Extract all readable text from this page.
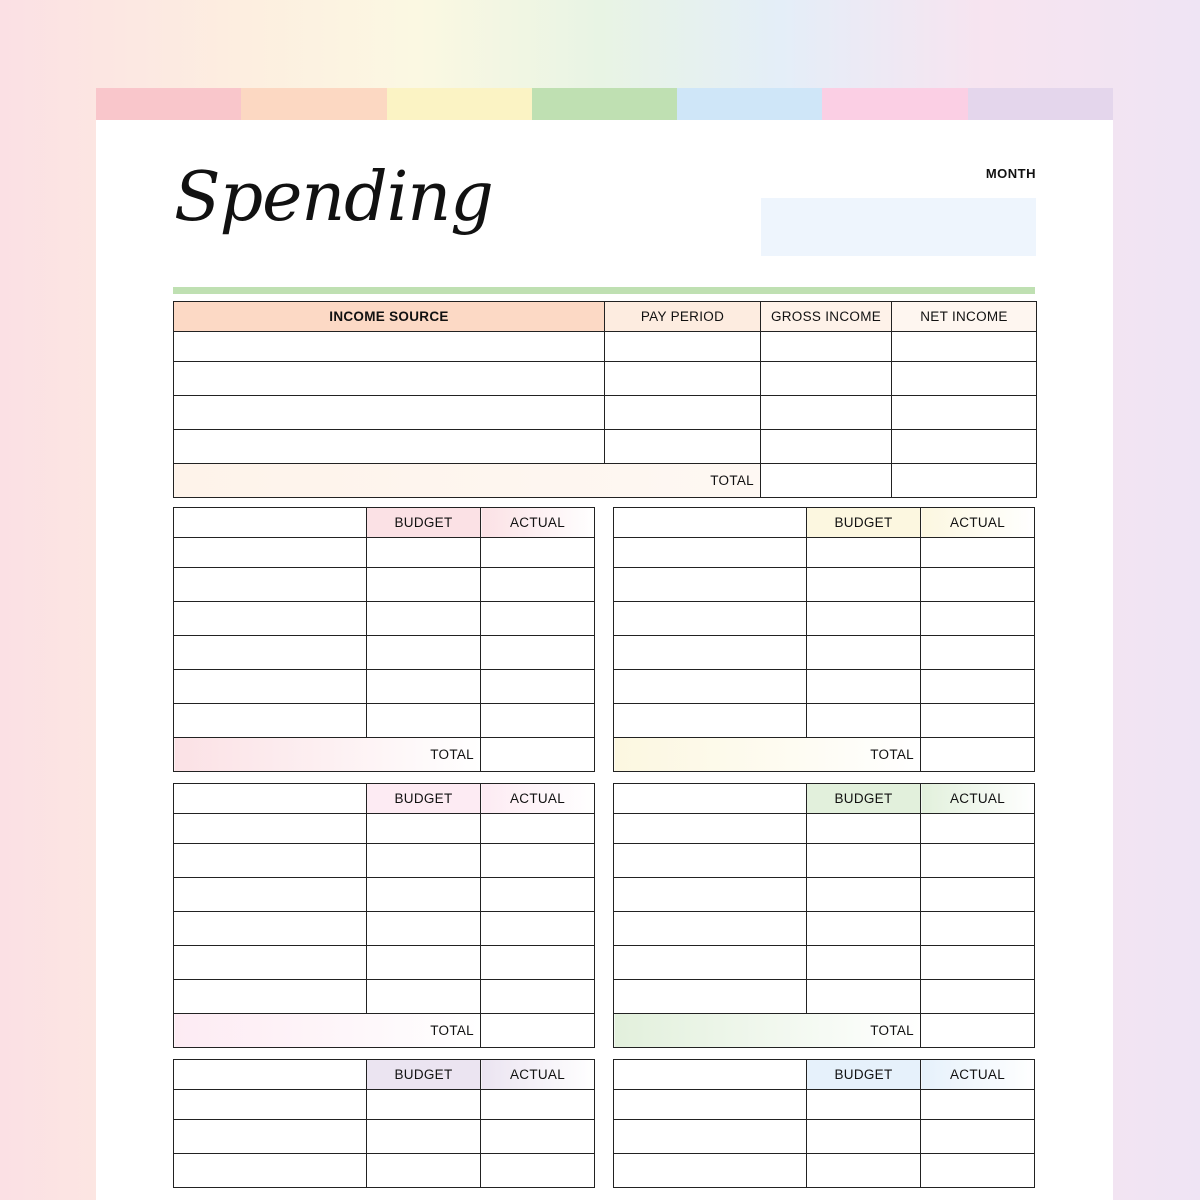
Spending	MONTH
INCOME SOURCE	PAY PERIOD	GROSS INCOME	NET INCOME

TOTAL			
	BUDGET	ACTUAL

TOTAL		
	BUDGET	ACTUAL

TOTAL		
	BUDGET	ACTUAL

TOTAL		
	BUDGET	ACTUAL

TOTAL		
	BUDGET	ACTUAL

		BUDGET	ACTUAL
